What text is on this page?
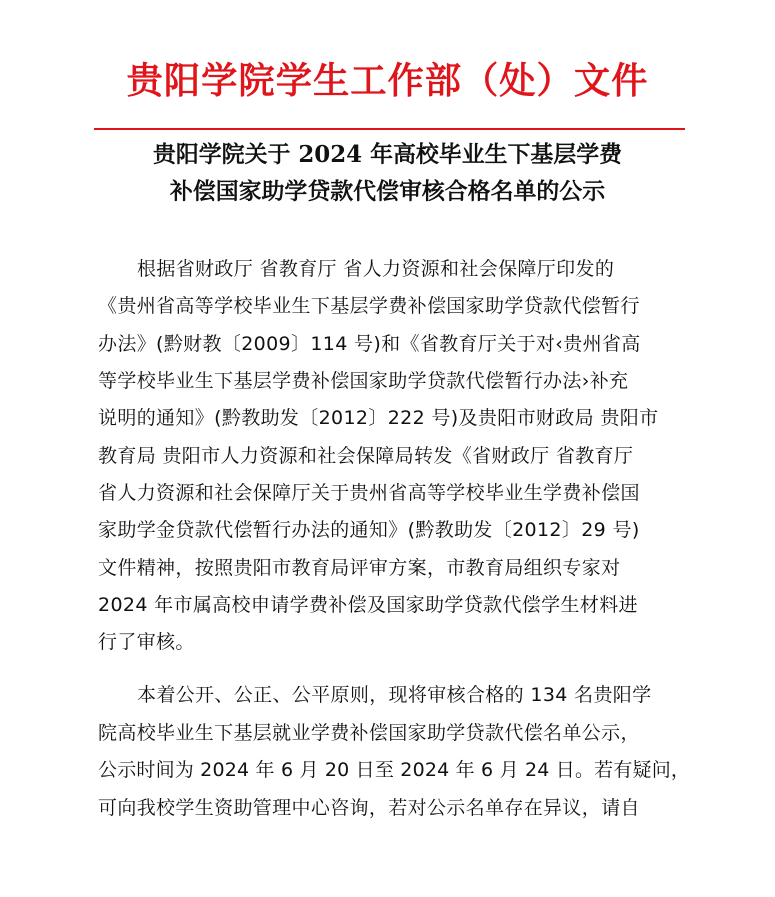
贵阳学院学生工作部（处）文件
贵阳学院关于 2024 年高校毕业生下基层学费
补偿国家助学贷款代偿审核合格名单的公示
根据省财政厅 省教育厅 省人力资源和社会保障厅印发的
《贵州省高等学校毕业生下基层学费补偿国家助学贷款代偿暂行
办法》(黔财教〔2009〕114 号)和《省教育厅关于对‹贵州省高
等学校毕业生下基层学费补偿国家助学贷款代偿暂行办法›补充
说明的通知》(黔教助发〔2012〕222 号)及贵阳市财政局 贵阳市
教育局 贵阳市人力资源和社会保障局转发《省财政厅 省教育厅
省人力资源和社会保障厅关于贵州省高等学校毕业生学费补偿国
家助学金贷款代偿暂行办法的通知》(黔教助发〔2012〕29 号)
文件精神，按照贵阳市教育局评审方案，市教育局组织专家对
2024 年市属高校申请学费补偿及国家助学贷款代偿学生材料进
行了审核。
本着公开、公正、公平原则，现将审核合格的 134 名贵阳学
院高校毕业生下基层就业学费补偿国家助学贷款代偿名单公示，
公示时间为 2024 年 6 月 20 日至 2024 年 6 月 24 日。若有疑问，
可向我校学生资助管理中心咨询，若对公示名单存在异议，请自
